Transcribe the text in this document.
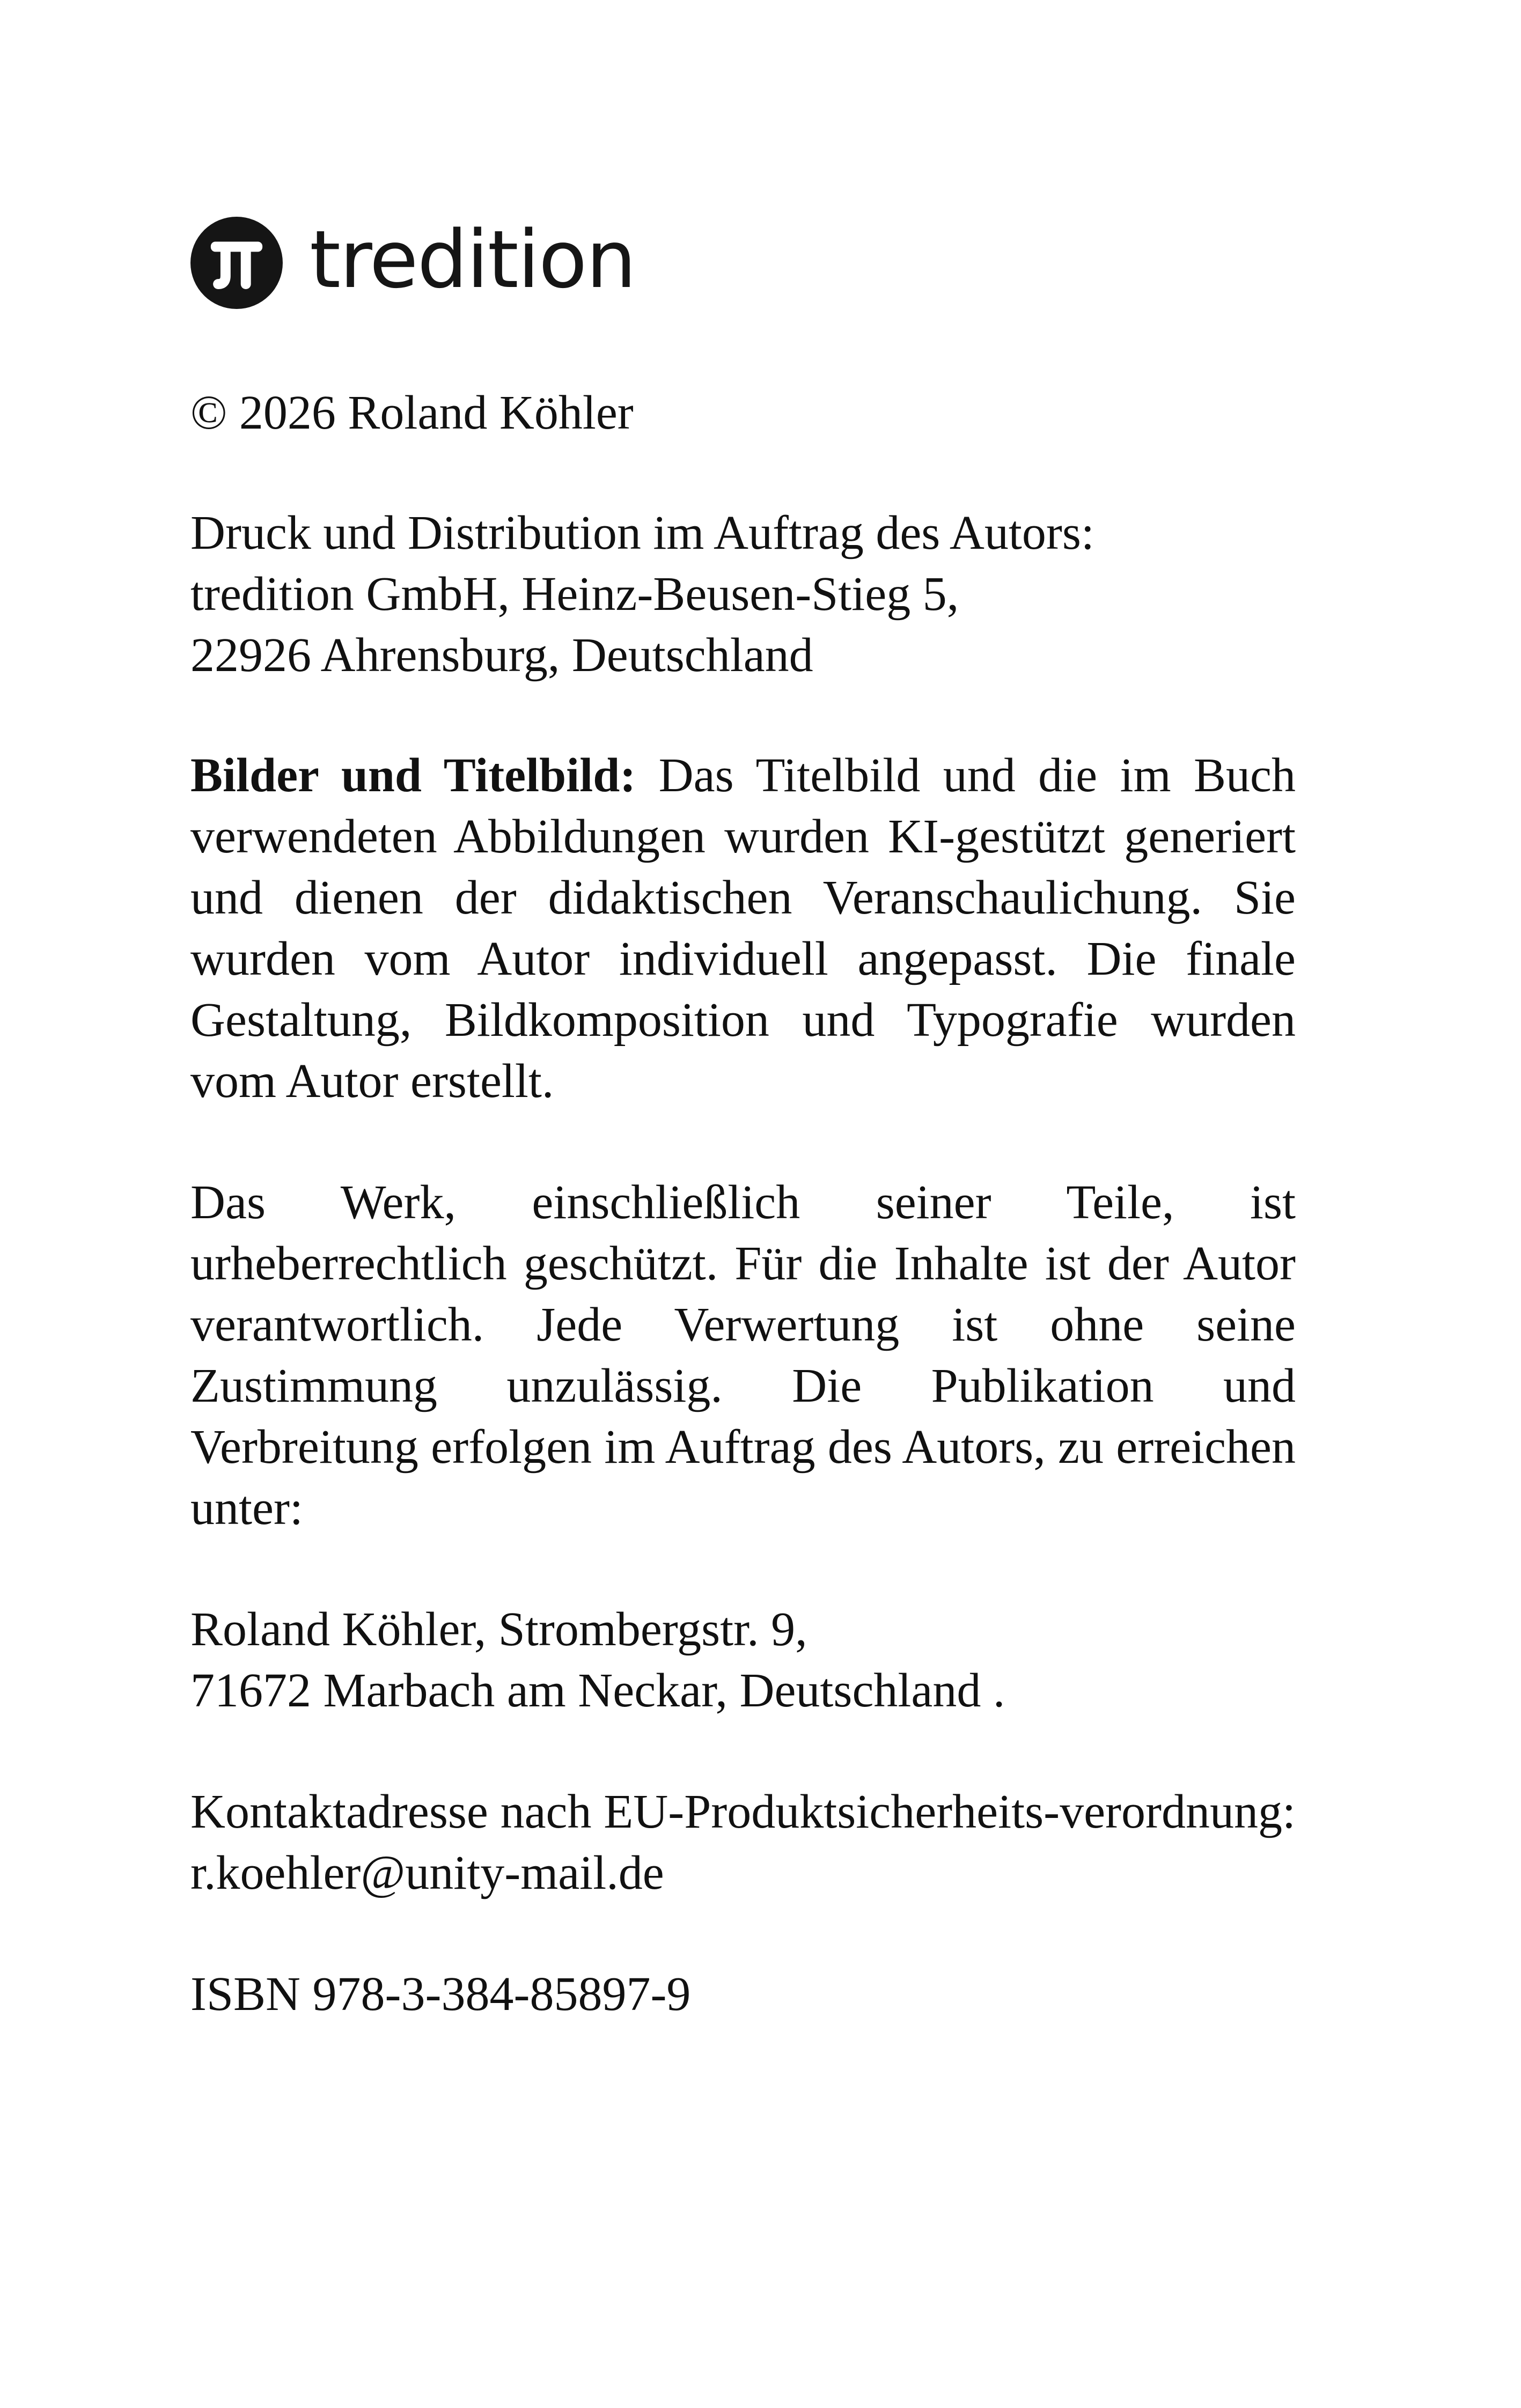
tredition

© 2026 Roland Köhler

Druck und Distribution im Auftrag des Autors:
tredition GmbH, Heinz-Beusen-Stieg 5,
22926 Ahrensburg, Deutschland

Bilder und Titelbild: Das Titelbild und die im Buch verwendeten Abbildungen wurden KI-gestützt generiert und dienen der didaktischen Veranschaulichung. Sie wurden vom Autor individuell angepasst. Die finale Gestaltung, Bildkomposition und Typografie wurden vom Autor erstellt.

Das Werk, einschließlich seiner Teile, ist urheberrechtlich geschützt. Für die Inhalte ist der Autor verantwortlich. Jede Verwertung ist ohne seine Zustimmung unzulässig. Die Publikation und Verbreitung erfolgen im Auftrag des Autors, zu erreichen unter:

Roland Köhler, Strombergstr. 9,
71672 Marbach am Neckar, Deutschland .

Kontaktadresse nach EU-Produktsicherheits-verordnung: r.koehler@unity-mail.de

ISBN 978-3-384-85897-9
